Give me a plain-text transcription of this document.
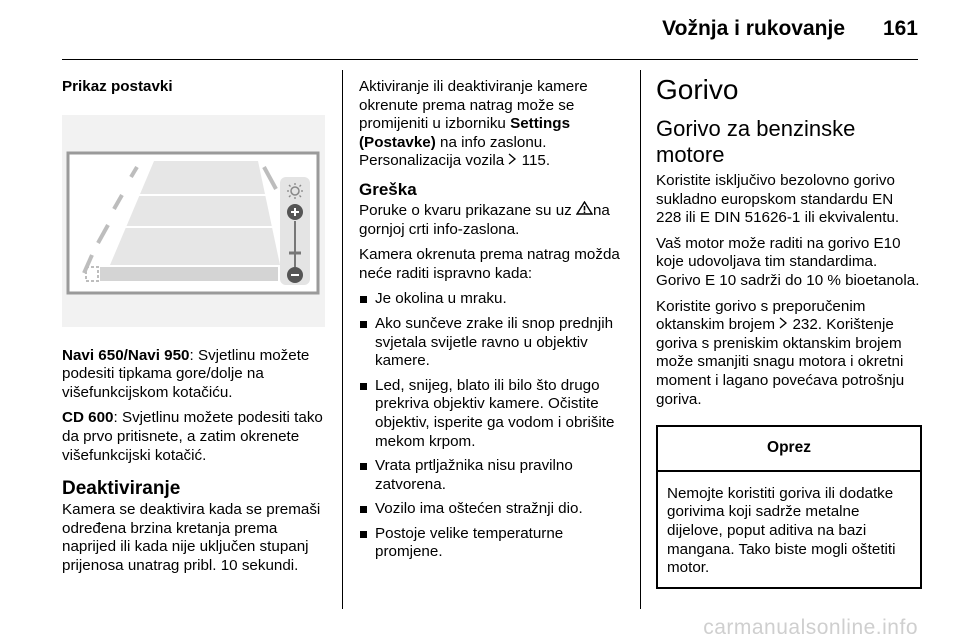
Vožnja i rukovanje 161
Prikaz postavki

Navi 650/Navi 950: Svjetlinu možete podesiti tipkama gore/dolje na višefunkcijskom kotačiću.

CD 600: Svjetlinu možete podesiti tako da prvo pritisnete, a zatim okrenete višefunkcijski kotačić.

Deaktiviranje

Kamera se deaktivira kada se premaši određena brzina kretanja prema naprijed ili kada nije uključen stupanj prijenosa unatrag pribl. 10 sekundi.

Aktiviranje ili deaktiviranje kamere okrenute prema natrag može se promijeniti u izborniku Settings (Postavke) na info zaslonu.
Personalizacija vozila  115.

Greška

Poruke o kvaru prikazane su uz na gornjoj crti info-zaslona.

Kamera okrenuta prema natrag možda neće raditi ispravno kada:

Je okolina u mraku.
Ako sunčeve zrake ili snop prednjih svjetala svijetle ravno u objektiv kamere.
Led, snijeg, blato ili bilo što drugo prekriva objektiv kamere. Očistite objektiv, isperite ga vodom i obrišite mekom krpom.
Vrata prtljažnika nisu pravilno zatvorena.
Vozilo ima oštećen stražnji dio.
Postoje velike temperaturne promjene.
Gorivo
Gorivo za benzinske motore

Koristite isključivo bezolovno gorivo sukladno europskom standardu EN 228 ili E DIN 51626-1 ili ekvivalentu.

Vaš motor može raditi na gorivo E10 koje udovoljava tim standardima. Gorivo E 10 sadrži do 10 % bioetanola.

Koristite gorivo s preporučenim oktanskim brojem  232. Korištenje goriva s preniskim oktanskim brojem može smanjiti snagu motora i okretni moment i lagano povećava potrošnju goriva.

Oprez
Nemojte koristiti goriva ili dodatke gorivima koji sadrže metalne dijelove, poput aditiva na bazi mangana. Tako biste mogli oštetiti motor.
carmanualsonline.info
